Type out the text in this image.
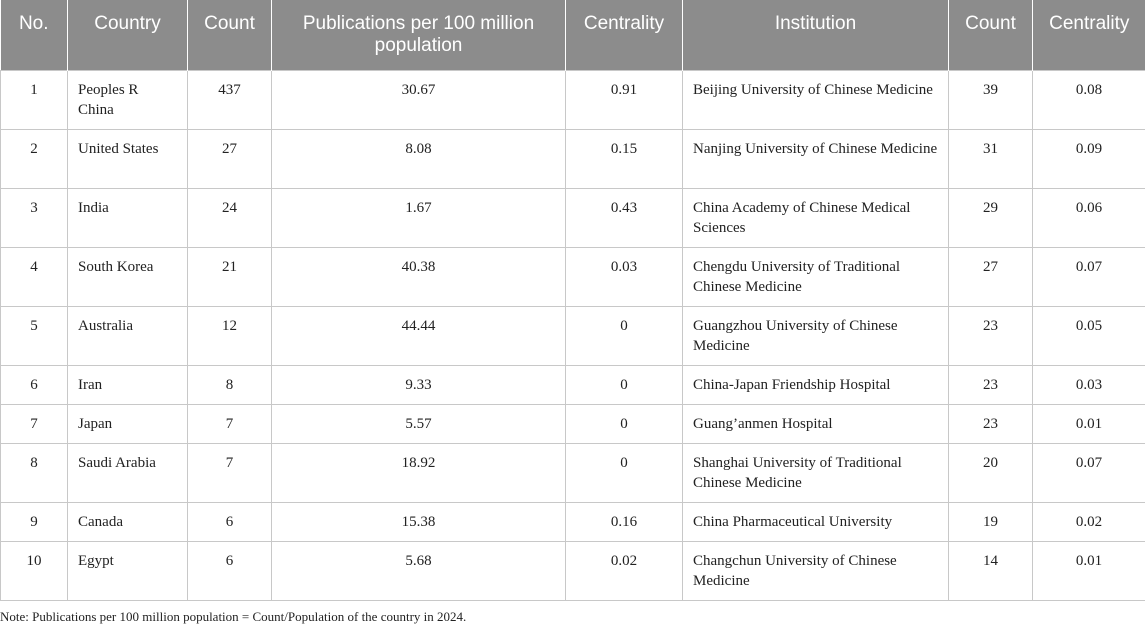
No.	Country	Count	Publications per 100 million population	Centrality	Institution	Count	Centrality
1	Peoples R China	437	30.67	0.91	Beijing University of Chinese Medicine	39	0.08
2	United States	27	8.08	0.15	Nanjing University of Chinese Medicine	31	0.09
3	India	24	1.67	0.43	China Academy of Chinese Medical Sciences	29	0.06
4	South Korea	21	40.38	0.03	Chengdu University of Traditional Chinese Medicine	27	0.07
5	Australia	12	44.44	0	Guangzhou University of Chinese Medicine	23	0.05
6	Iran	8	9.33	0	China-Japan Friendship Hospital	23	0.03
7	Japan	7	5.57	0	Guang’anmen Hospital	23	0.01
8	Saudi Arabia	7	18.92	0	Shanghai University of Traditional Chinese Medicine	20	0.07
9	Canada	6	15.38	0.16	China Pharmaceutical University	19	0.02
10	Egypt	6	5.68	0.02	Changchun University of Chinese Medicine	14	0.01
Note: Publications per 100 million population = Count/Population of the country in 2024.
